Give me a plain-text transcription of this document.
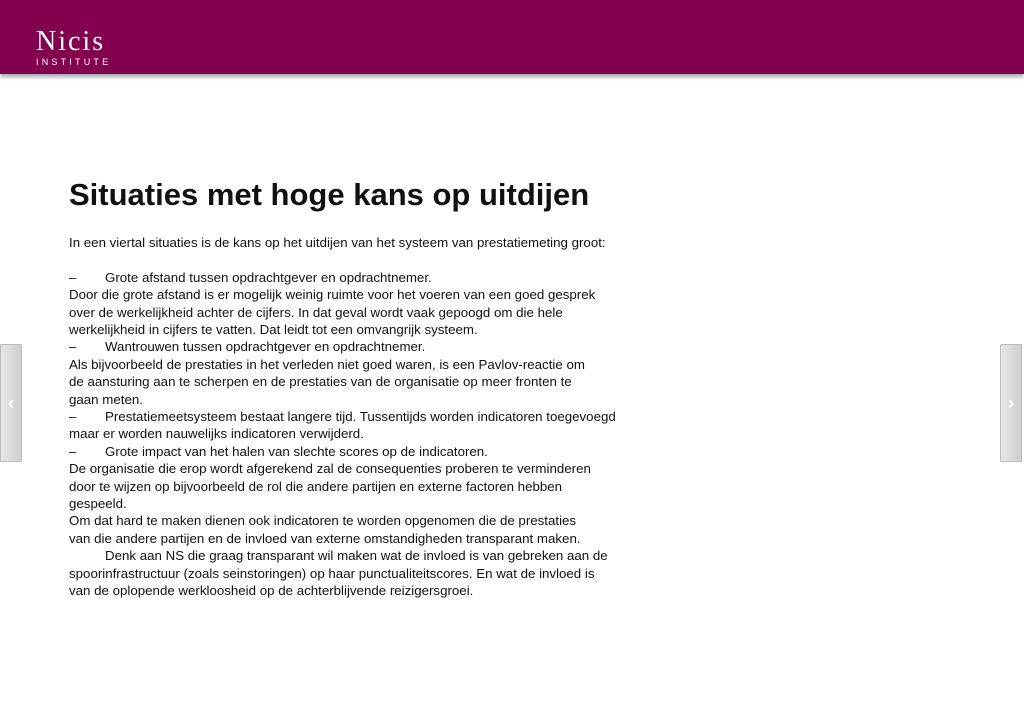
Nicis
INSTITUTE
Situaties met hoge kans op uitdijen

In een viertal situaties is de kans op het uitdijen van het systeem van prestatiemeting groot:

– Grote afstand tussen opdrachtgever en opdrachtnemer.

Door die grote afstand is er mogelijk weinig ruimte voor het voeren van een goed gesprek

over de werkelijkheid achter de cijfers. In dat geval wordt vaak gepoogd om die hele

werkelijkheid in cijfers te vatten. Dat leidt tot een omvangrijk systeem.

– Wantrouwen tussen opdrachtgever en opdrachtnemer.

Als bijvoorbeeld de prestaties in het verleden niet goed waren, is een Pavlov-reactie om

de aansturing aan te scherpen en de prestaties van de organisatie op meer fronten te

gaan meten.

– Prestatiemeetsysteem bestaat langere tijd. Tussentijds worden indicatoren toegevoegd

maar er worden nauwelijks indicatoren verwijderd.

– Grote impact van het halen van slechte scores op de indicatoren.

De organisatie die erop wordt afgerekend zal de consequenties proberen te verminderen

door te wijzen op bijvoorbeeld de rol die andere partijen en externe factoren hebben

gespeeld.

Om dat hard te maken dienen ook indicatoren te worden opgenomen die de prestaties

van die andere partijen en de invloed van externe omstandigheden transparant maken.

Denk aan NS die graag transparant wil maken wat de invloed is van gebreken aan de

spoorinfrastructuur (zoals seinstoringen) op haar punctualiteitscores. En wat de invloed is

van de oplopende werkloosheid op de achterblijvende reizigersgroei.

‹	›
